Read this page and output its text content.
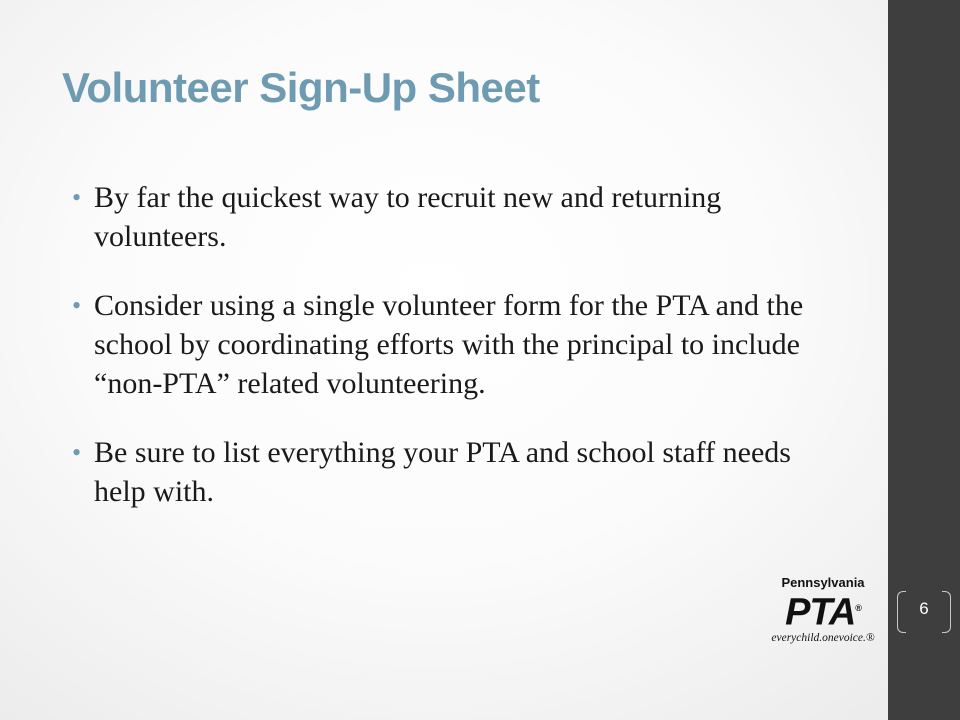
Volunteer Sign-Up Sheet
• By far the quickest way to recruit new and returning volunteers.
• Consider using a single volunteer form for the PTA and the school by coordinating efforts with the principal to include “non-PTA” related volunteering.
• Be sure to list everything your PTA and school staff needs help with.
Pennsylvania
PTA®
everychild.onevoice.®
6
